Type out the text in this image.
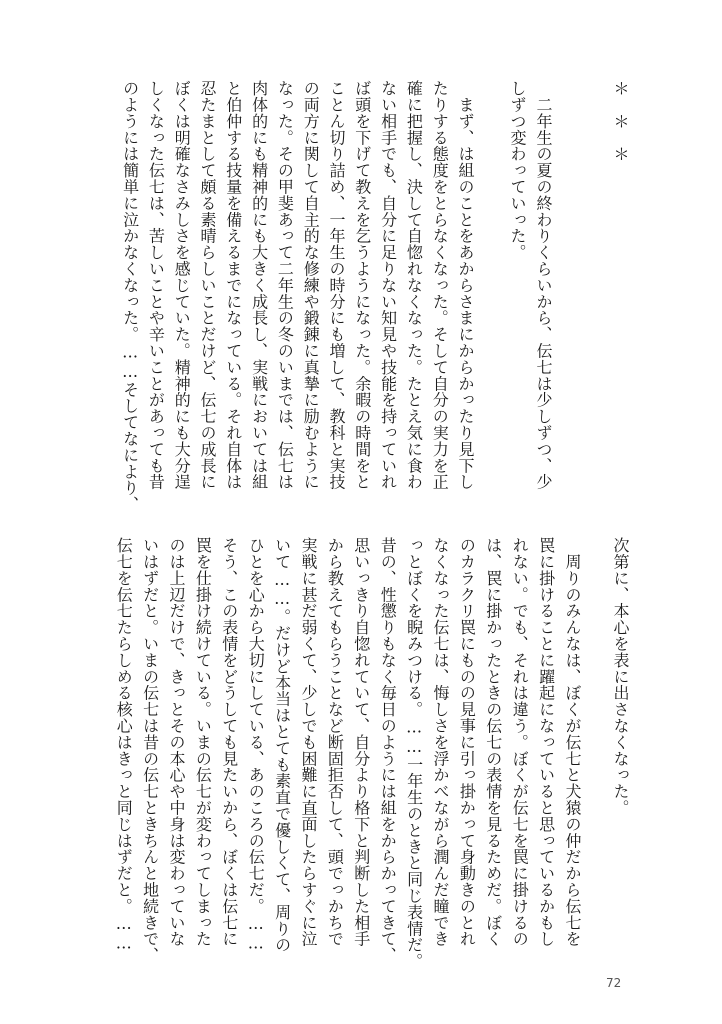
＊　＊　＊
　二年生の夏の終わりくらいから、伝七は少しずつ、少
しずつ変わっていった。
　まず、は組のことをあからさまにからかったり見下し
たりする態度をとらなくなった。そして自分の実力を正
確に把握し、決して自惚れなくなった。たとえ気に食わ
ない相手でも、自分に足りない知見や技能を持っていれ
ば頭を下げて教えを乞うようになった。余暇の時間をと
ことん切り詰め、一年生の時分にも増して、教科と実技
の両方に関して自主的な修練や鍛錬に真摯に励むように
なった。その甲斐あって二年生の冬のいまでは、伝七は
肉体的にも精神的にも大きく成長し、実戦においては組
と伯仲する技量を備えるまでになっている。それ自体は
忍たまとして頗る素晴らしいことだけど、伝七の成長に
ぼくは明確なさみしさを感じていた。精神的にも大分逞
しくなった伝七は、苦しいことや辛いことがあっても昔
のようには簡単に泣かなくなった。……そしてなにより、
次第に、本心を表に出さなくなった。
　周りのみんなは、ぼくが伝七と犬猿の仲だから伝七を
罠に掛けることに躍起になっていると思っているかもし
れない。でも、それは違う。ぼくが伝七を罠に掛けるの
は、罠に掛かったときの伝七の表情を見るためだ。ぼく
のカラクリ罠にものの見事に引っ掛かって身動きのとれ
なくなった伝七は、悔しさを浮かべながら潤んだ瞳でき
っとぼくを睨みつける。……一年生のときと同じ表情だ。
昔の、性懲りもなく毎日のようには組をからかってきて、
思いっきり自惚れていて、自分より格下と判断した相手
から教えてもらうことなど断固拒否して、頭でっかちで
実戦に甚だ弱くて、少しでも困難に直面したらすぐに泣
いて……。だけど本当はとても素直で優しくて、周りの
ひとを心から大切にしている、あのころの伝七だ。……
そう、この表情をどうしても見たいから、ぼくは伝七に
罠を仕掛け続けている。いまの伝七が変わってしまった
のは上辺だけで、きっとその本心や中身は変わっていな
いはずだと。いまの伝七は昔の伝七ときちんと地続きで、
伝七を伝七たらしめる核心はきっと同じはずだと。……
72
